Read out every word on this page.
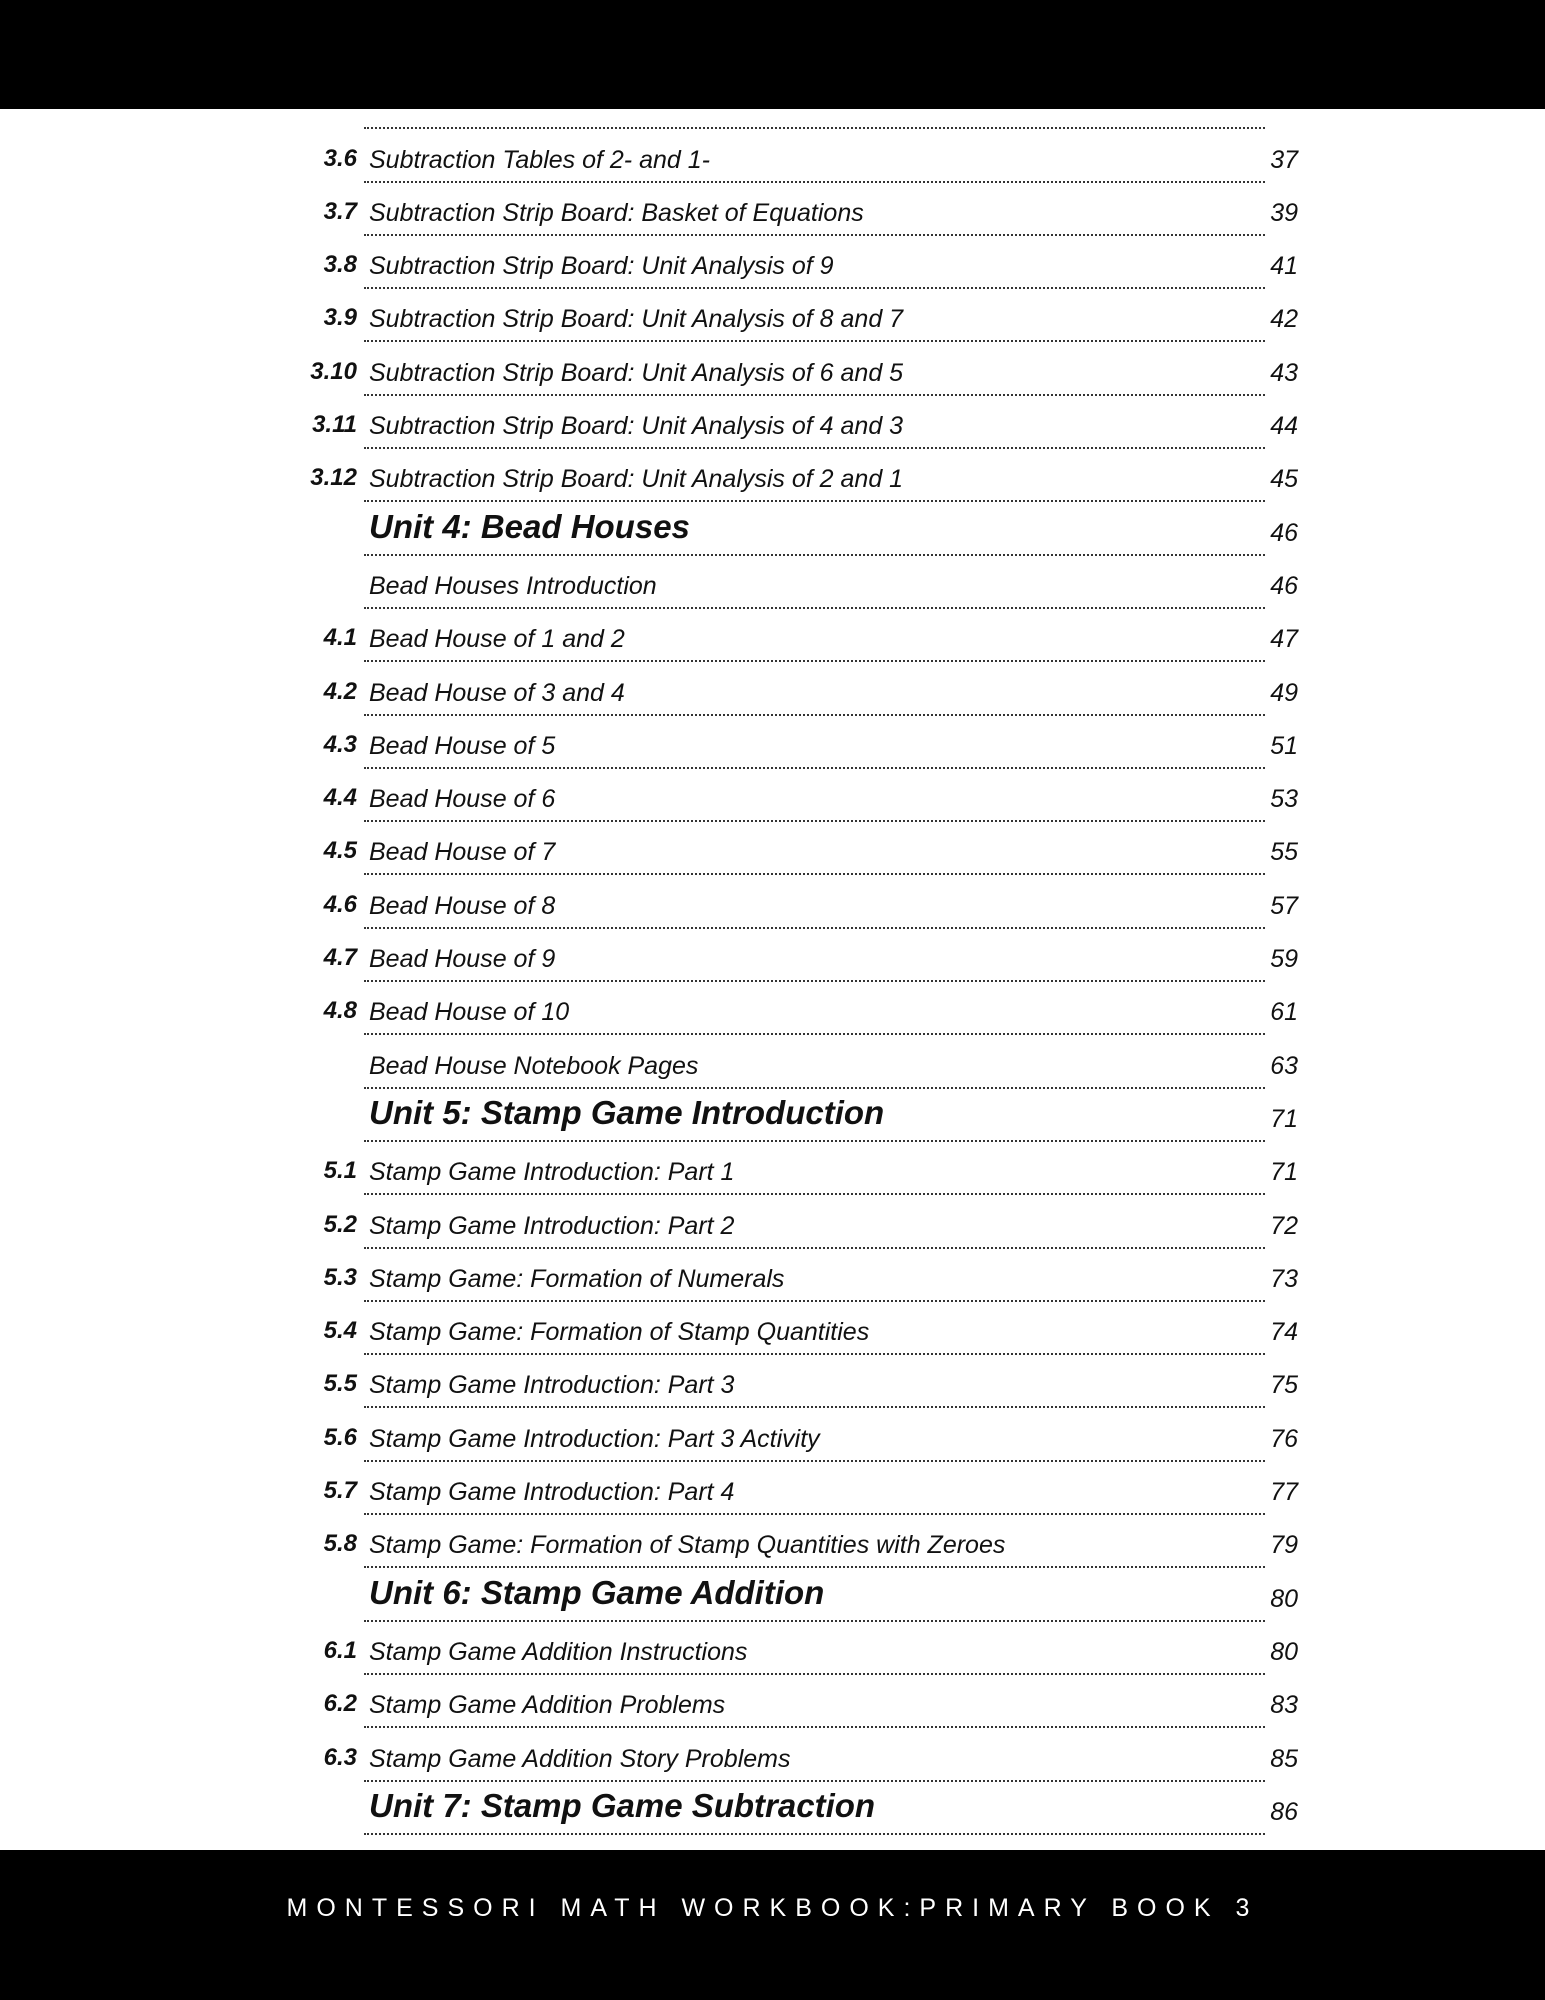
3.6 Subtraction Tables of 2- and 1-	37
3.7 Subtraction Strip Board: Basket of Equations	39
3.8 Subtraction Strip Board: Unit Analysis of 9	41
3.9 Subtraction Strip Board: Unit Analysis of 8 and 7	42
3.10 Subtraction Strip Board: Unit Analysis of 6 and 5	43
3.11 Subtraction Strip Board: Unit Analysis of 4 and 3	44
3.12 Subtraction Strip Board: Unit Analysis of 2 and 1	45
Unit 4: Bead Houses	46
Bead Houses Introduction	46
4.1 Bead House of 1 and 2	47
4.2 Bead House of 3 and 4	49
4.3 Bead House of 5	51
4.4 Bead House of 6	53
4.5 Bead House of 7	55
4.6 Bead House of 8	57
4.7 Bead House of 9	59
4.8 Bead House of 10	61
Bead House Notebook Pages	63
Unit 5: Stamp Game Introduction	71
5.1 Stamp Game Introduction: Part 1	71
5.2 Stamp Game Introduction: Part 2	72
5.3 Stamp Game: Formation of Numerals	73
5.4 Stamp Game: Formation of Stamp Quantities	74
5.5 Stamp Game Introduction: Part 3	75
5.6 Stamp Game Introduction: Part 3 Activity	76
5.7 Stamp Game Introduction: Part 4	77
5.8 Stamp Game: Formation of Stamp Quantities with Zeroes	79
Unit 6: Stamp Game Addition	80
6.1 Stamp Game Addition Instructions	80
6.2 Stamp Game Addition Problems	83
6.3 Stamp Game Addition Story Problems	85
Unit 7: Stamp Game Subtraction	86
MONTESSORI MATH WORKBOOK:PRIMARY BOOK 3
